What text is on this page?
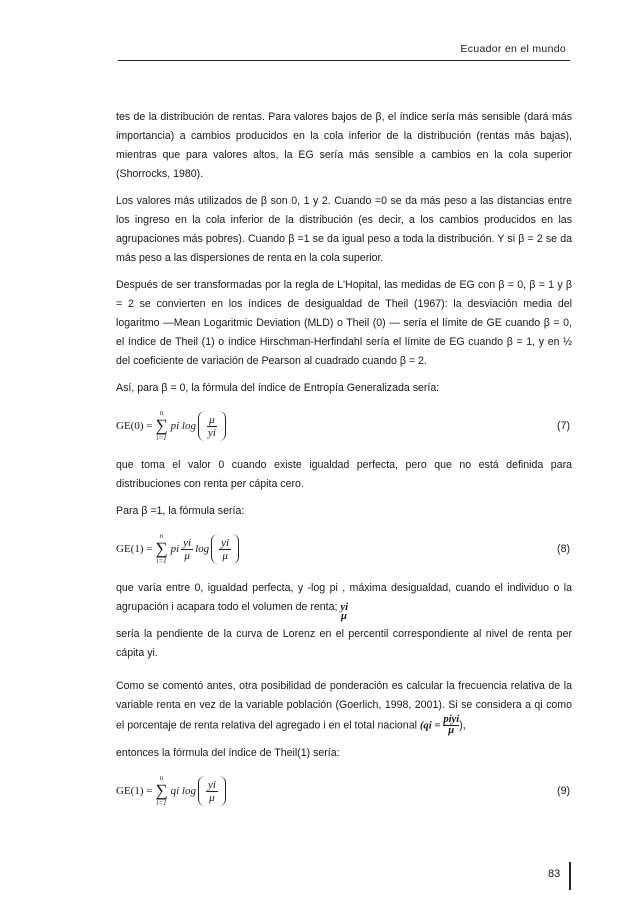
Ecuador en el mundo

tes de la distribución de rentas. Para valores bajos de β, el índice sería más sensible (dará más importancia) a cambios producidos en la cola inferior de la distribución (rentas más bajas), mientras que para valores altos, la EG sería más sensible a cambios en la cola superior (Shorrocks, 1980).

Los valores más utilizados de β son 0, 1 y 2. Cuando =0 se da más peso a las distancias entre los ingreso en la cola inferior de la distribución (es decir, a los cambios producidos en las agrupaciones más pobres). Cuando β =1 se da igual peso a toda la distribución. Y si β = 2 se da más peso a las dispersiones de renta en la cola superior.

Después de ser transformadas por la regla de L'Hopital, las medidas de EG con β = 0, β = 1 y β = 2 se convierten en los índices de desigualdad de Theil (1967): la desviación media del logaritmo —Mean Logaritmic Deviation (MLD) o Theil (0) — sería el límite de GE cuando β = 0, el índice de Theil (1) o índice Hirschman-Herfindahl sería el límite de EG cuando β = 1, y en ½ del coeficiente de variación de Pearson al cuadrado cuando β = 2.

Así, para β = 0, la fórmula del índice de Entropía Generalizada sería:

GE(0) =
n
∑
i=1
pi $\log \frac{\mu}{yi}$	(7)

que toma el valor 0 cuando existe igualdad perfecta, pero que no está definida para distribuciones con renta per cápita cero.

Para β =1, la fórmula sería:

GE(1) =
n
∑
i=1
pi $\frac{yi}{\mu}$ $\log \frac{yi}{\mu}$	(8)

que varía entre 0, igualdad perfecta, y -log pi , máxima desigualdad, cuando el individuo o la agrupación i acapara todo el volumen de renta; yi

μ

sería la pendiente de la curva de Lorenz en el percentil correspondiente al nivel de renta per cápita yi.

Como se comentó antes, otra posibilidad de ponderación es calcular la frecuencia relativa de la variable renta en vez de la variable población (Goerlich, 1998, 2001). Si se considera a qi como el porcentaje de renta relativa del agregado i en el total nacional ($qi = \frac{\text{piyi}}{\mu}$ ),

entonces la fórmula del índice de Theil(1) sería:

GE(1) =
n
∑
i=1
qi $\log \frac{yi}{\mu}$	(9)
83
